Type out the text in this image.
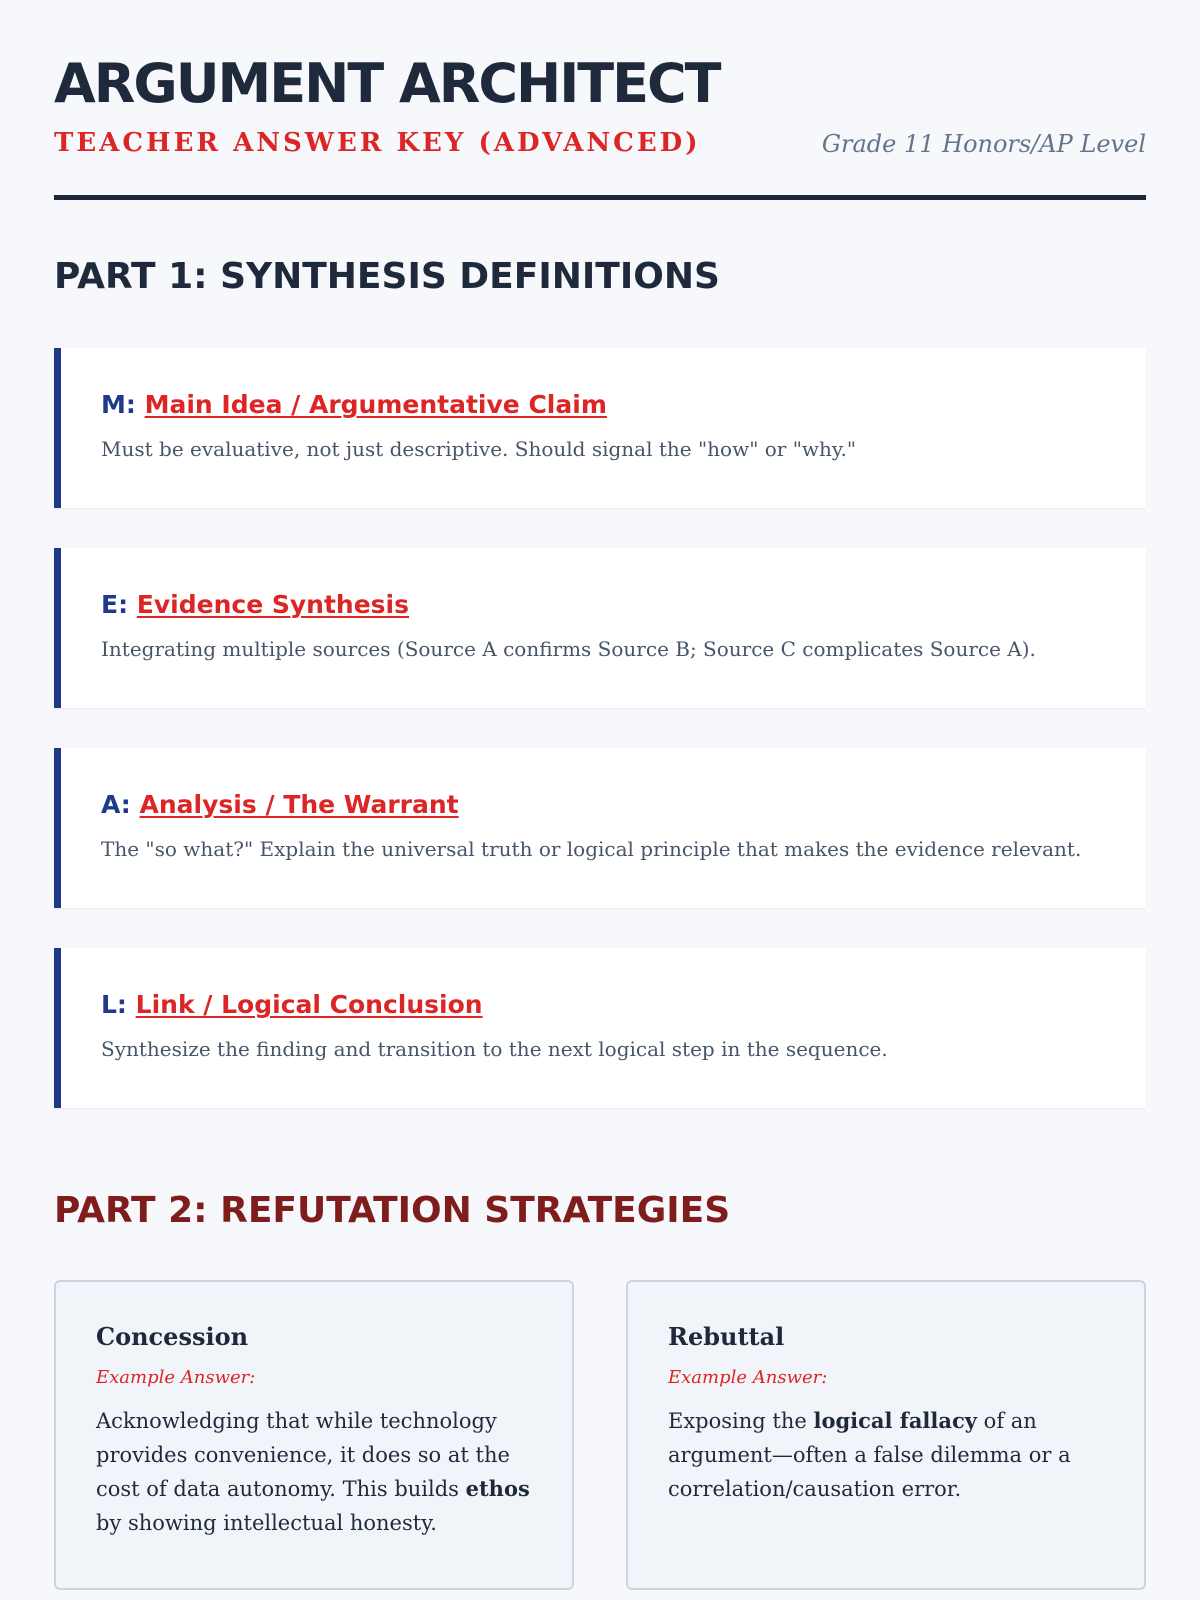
ARGUMENT ARCHITECT
TEACHER ANSWER KEY (ADVANCED)	Grade 11 Honors/AP Level
PART 1: SYNTHESIS DEFINITIONS
M: Main Idea / Argumentative Claim
Must be evaluative, not just descriptive. Should signal the "how" or "why."
E: Evidence Synthesis
Integrating multiple sources (Source A confirms Source B; Source C complicates Source A).
A: Analysis / The Warrant
The "so what?" Explain the universal truth or logical principle that makes the evidence relevant.
L: Link / Logical Conclusion
Synthesize the finding and transition to the next logical step in the sequence.
PART 2: REFUTATION STRATEGIES
Concession
Example Answer:
Acknowledging that while technology provides convenience, it does so at the cost of data autonomy. This builds ethos by showing intellectual honesty.
Rebuttal
Example Answer:
Exposing the logical fallacy of an argument—often a false dilemma or a correlation/causation error.
